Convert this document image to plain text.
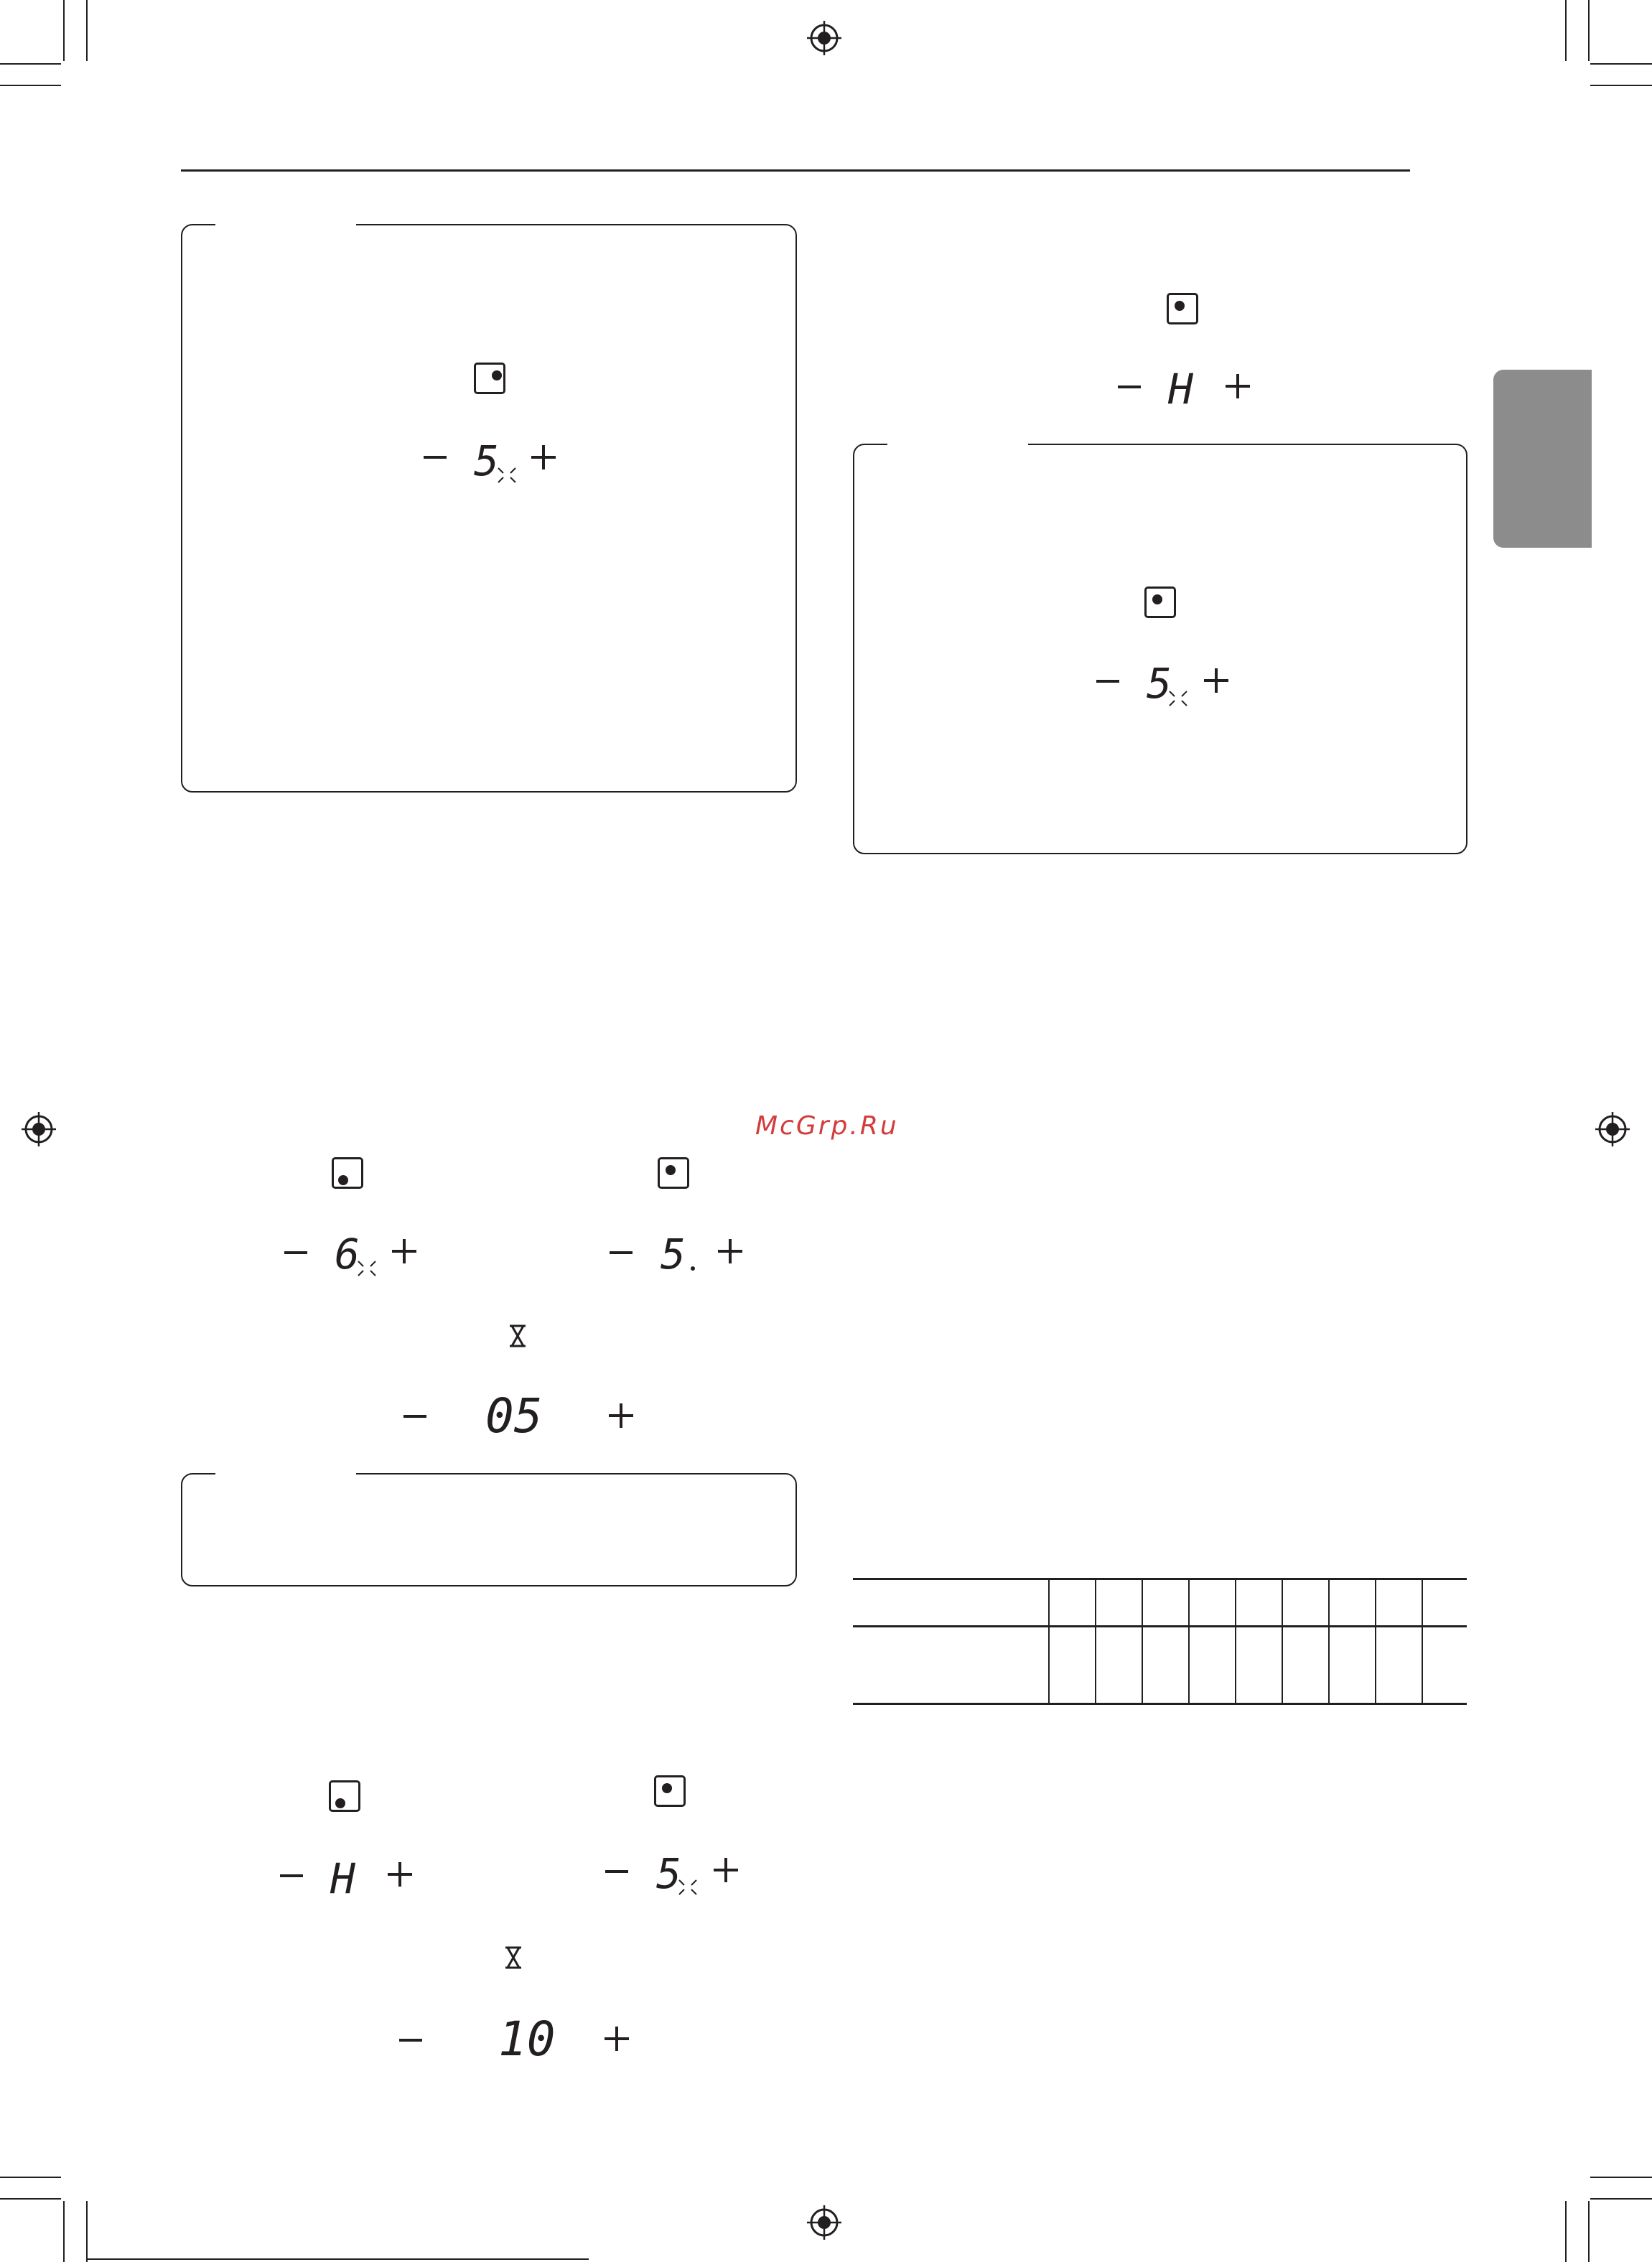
McGrp.Ru
5
H
5
6	5
05
H	5
10
